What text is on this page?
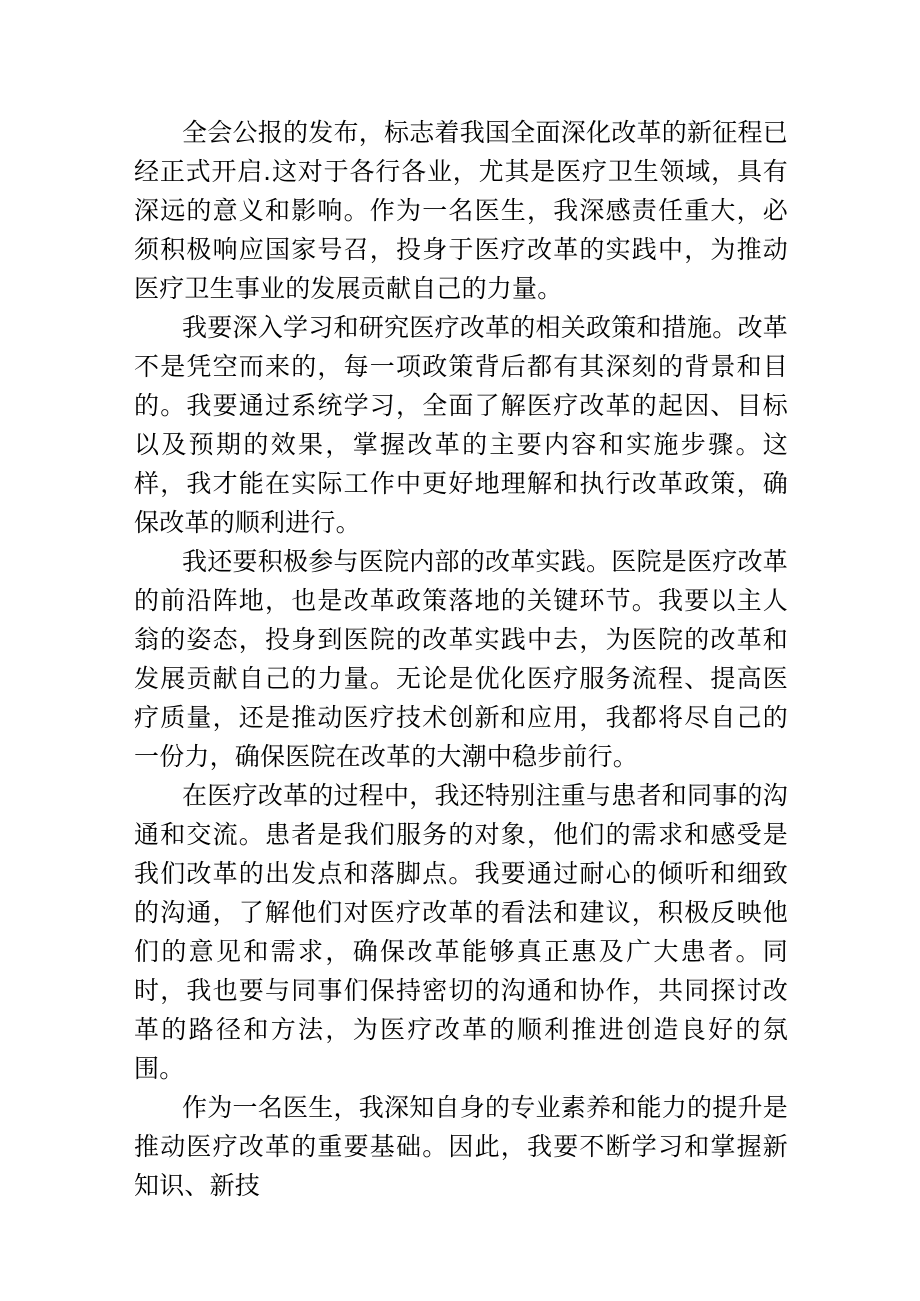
全会公报的发布，标志着我国全面深化改革的新征程已经正式开启.这对于各行各业，尤其是医疗卫生领域，具有深远的意义和影响。作为一名医生，我深感责任重大，必须积极响应国家号召，投身于医疗改革的实践中，为推动医疗卫生事业的发展贡献自己的力量。

我要深入学习和研究医疗改革的相关政策和措施。改革不是凭空而来的，每一项政策背后都有其深刻的背景和目的。我要通过系统学习，全面了解医疗改革的起因、目标以及预期的效果，掌握改革的主要内容和实施步骤。这样，我才能在实际工作中更好地理解和执行改革政策，确保改革的顺利进行。

我还要积极参与医院内部的改革实践。医院是医疗改革的前沿阵地，也是改革政策落地的关键环节。我要以主人翁的姿态，投身到医院的改革实践中去，为医院的改革和发展贡献自己的力量。无论是优化医疗服务流程、提高医疗质量，还是推动医疗技术创新和应用，我都将尽自己的一份力，确保医院在改革的大潮中稳步前行。

在医疗改革的过程中，我还特别注重与患者和同事的沟通和交流。患者是我们服务的对象，他们的需求和感受是我们改革的出发点和落脚点。我要通过耐心的倾听和细致的沟通，了解他们对医疗改革的看法和建议，积极反映他们的意见和需求，确保改革能够真正惠及广大患者。同时，我也要与同事们保持密切的沟通和协作，共同探讨改革的路径和方法，为医疗改革的顺利推进创造良好的氛围。

作为一名医生，我深知自身的专业素养和能力的提升是推动医疗改革的重要基础。因此，我要不断学习和掌握新知识、新技
